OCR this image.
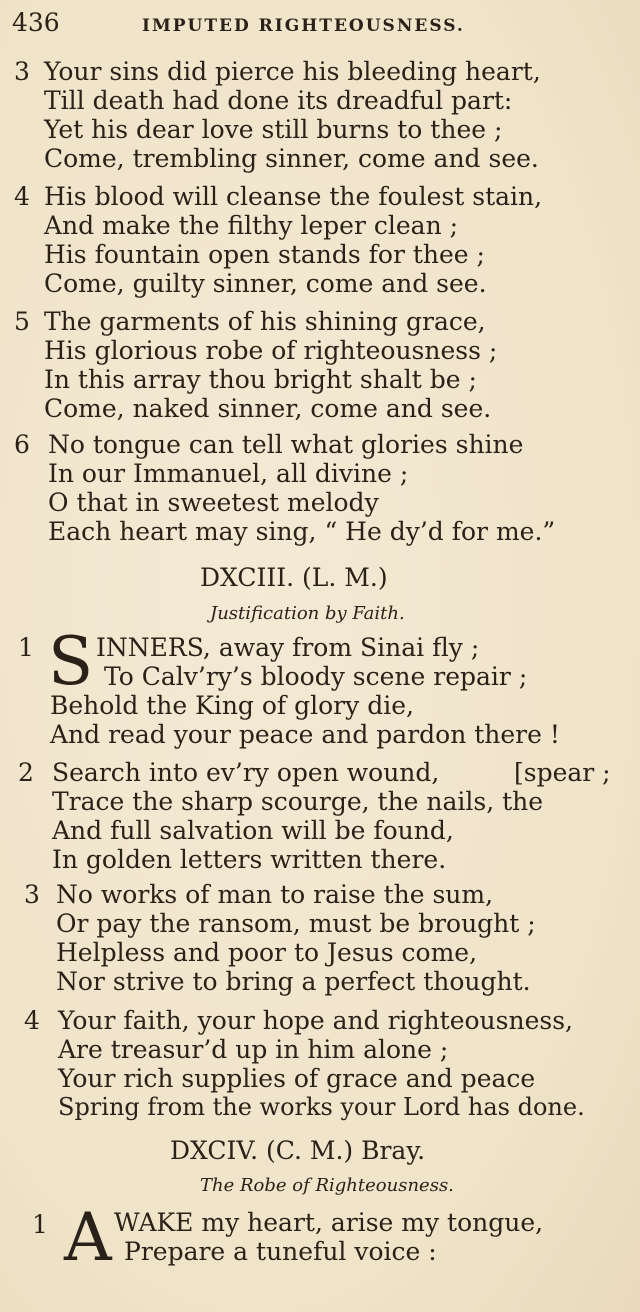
436	IMPUTED RIGHTEOUSNESS.
3 Your sins did pierce his bleeding heart,
Till death had done its dreadful part:
Yet his dear love still burns to thee ;
Come, trembling sinner, come and see.
4 His blood will cleanse the foulest stain,
And make the filthy leper clean ;
His fountain open stands for thee ;
Come, guilty sinner, come and see.
5 The garments of his shining grace,
His glorious robe of righteousness ;
In this array thou bright shalt be ;
Come, naked sinner, come and see.
6 No tongue can tell what glories shine
In our Immanuel, all divine ;
O that in sweetest melody
Each heart may sing, “ He dy’d for me.”
DXCIII. (L. M.)
Justification by Faith.
1 S INNERS, away from Sinai fly ;
To Calv’ry’s bloody scene repair ;
Behold the King of glory die,
And read your peace and pardon there !
2 Search into ev’ry open wound,	[spear ;
Trace the sharp scourge, the nails, the
And full salvation will be found,
In golden letters written there.
3 No works of man to raise the sum,
Or pay the ransom, must be brought ;
Helpless and poor to Jesus come,
Nor strive to bring a perfect thought.
4 Your faith, your hope and righteousness,
Are treasur’d up in him alone ;
Your rich supplies of grace and peace
Spring from the works your Lord has done.
DXCIV. (C. M.) Bray.
The Robe of Righteousness.
1 A WAKE my heart, arise my tongue,
Prepare a tuneful voice :
